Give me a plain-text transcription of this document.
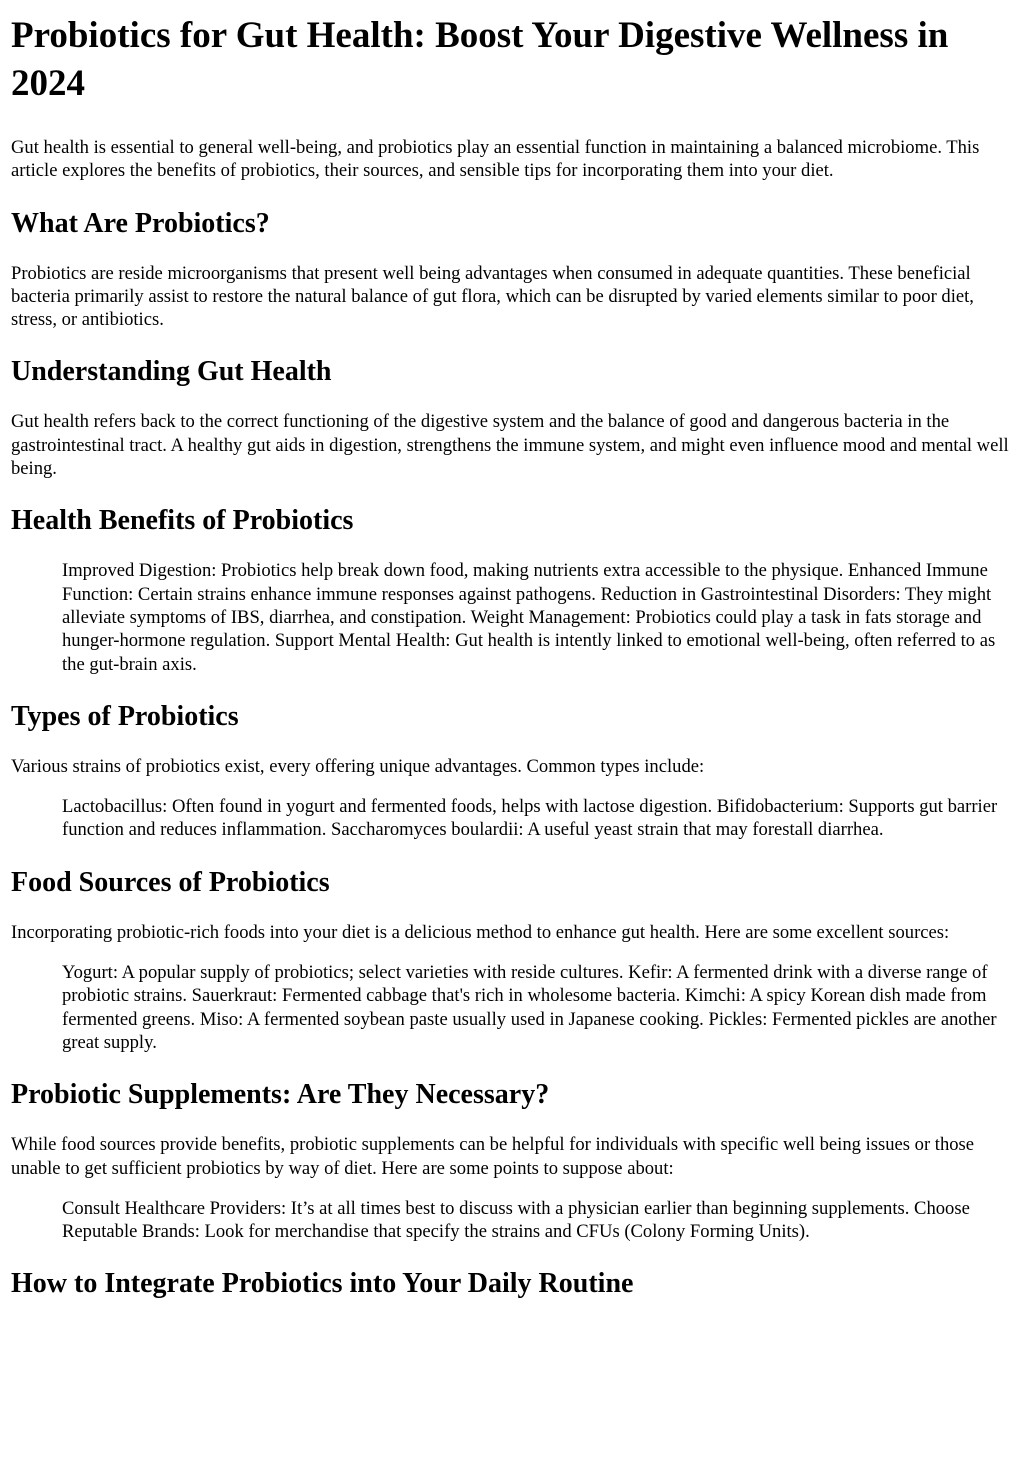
Probiotics for Gut Health: Boost Your Digestive Wellness in 2024

Gut health is essential to general well-being, and probiotics play an essential function in maintaining a balanced microbiome. This article explores the benefits of probiotics, their sources, and sensible tips for incorporating them into your diet.

What Are Probiotics?

Probiotics are reside microorganisms that present well being advantages when consumed in adequate quantities. These beneficial bacteria primarily assist to restore the natural balance of gut flora, which can be disrupted by varied elements similar to poor diet, stress, or antibiotics.

Understanding Gut Health

Gut health refers back to the correct functioning of the digestive system and the balance of good and dangerous bacteria in the gastrointestinal tract. A healthy gut aids in digestion, strengthens the immune system, and might even influence mood and mental well being.

Health Benefits of Probiotics
Improved Digestion: Probiotics help break down food, making nutrients extra accessible to the physique. Enhanced Immune Function: Certain strains enhance immune responses against pathogens. Reduction in Gastrointestinal Disorders: They might alleviate symptoms of IBS, diarrhea, and constipation. Weight Management: Probiotics could play a task in fats storage and hunger-hormone regulation. Support Mental Health: Gut health is intently linked to emotional well-being, often referred to as the gut-brain axis.
Types of Probiotics

Various strains of probiotics exist, every offering unique advantages. Common types include:

Lactobacillus: Often found in yogurt and fermented foods, helps with lactose digestion. Bifidobacterium: Supports gut barrier function and reduces inflammation. Saccharomyces boulardii: A useful yeast strain that may forestall diarrhea.
Food Sources of Probiotics

Incorporating probiotic-rich foods into your diet is a delicious method to enhance gut health. Here are some excellent sources:

Yogurt: A popular supply of probiotics; select varieties with reside cultures. Kefir: A fermented drink with a diverse range of probiotic strains. Sauerkraut: Fermented cabbage that's rich in wholesome bacteria. Kimchi: A spicy Korean dish made from fermented greens. Miso: A fermented soybean paste usually used in Japanese cooking. Pickles: Fermented pickles are another great supply.
Probiotic Supplements: Are They Necessary?

While food sources provide benefits, probiotic supplements can be helpful for individuals with specific well being issues or those unable to get sufficient probiotics by way of diet. Here are some points to suppose about:

Consult Healthcare Providers: It’s at all times best to discuss with a physician earlier than beginning supplements. Choose Reputable Brands: Look for merchandise that specify the strains and CFUs (Colony Forming Units).
How to Integrate Probiotics into Your Daily Routine
